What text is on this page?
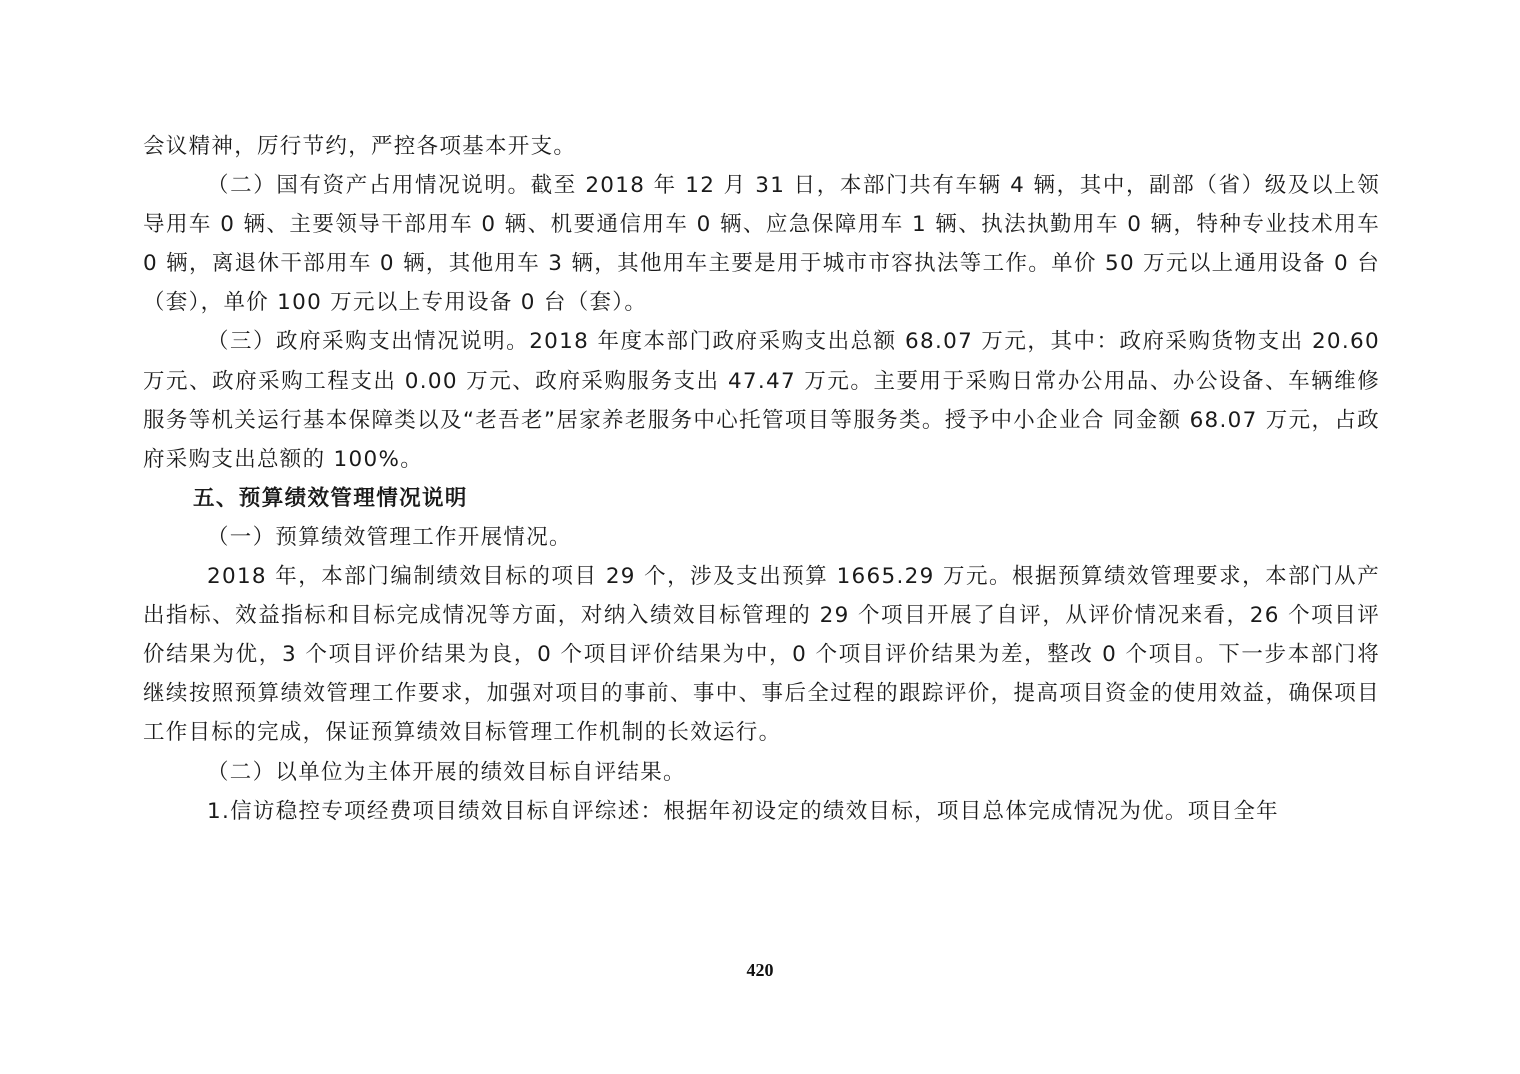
会议精神，厉行节约，严控各项基本开支。

（二）国有资产占用情况说明。截至 2018 年 12 月 31 日，本部门共有车辆 4 辆，其中，副部（省）级及以上领导用车 0 辆、主要领导干部用车 0 辆、机要通信用车 0 辆、应急保障用车 1 辆、执法执勤用车 0 辆，特种专业技术用车 0 辆，离退休干部用车 0 辆，其他用车 3 辆，其他用车主要是用于城市市容执法等工作。单价 50 万元以上通用设备 0 台（套），单价 100 万元以上专用设备 0 台（套）。

（三）政府采购支出情况说明。2018 年度本部门政府采购支出总额 68.07 万元，其中：政府采购货物支出 20.60 万元、政府采购工程支出 0.00 万元、政府采购服务支出 47.47 万元。主要用于采购日常办公用品、办公设备、车辆维修服务等机关运行基本保障类以及“老吾老”居家养老服务中心托管项目等服务类。授予中小企业合 同金额 68.07 万元，占政府采购支出总额的 100%。

五、预算绩效管理情况说明

（一）预算绩效管理工作开展情况。

2018 年，本部门编制绩效目标的项目 29 个，涉及支出预算 1665.29 万元。根据预算绩效管理要求，本部门从产出指标、效益指标和目标完成情况等方面，对纳入绩效目标管理的 29 个项目开展了自评，从评价情况来看，26 个项目评价结果为优，3 个项目评价结果为良，0 个项目评价结果为中，0 个项目评价结果为差，整改 0 个项目。下一步本部门将继续按照预算绩效管理工作要求，加强对项目的事前、事中、事后全过程的跟踪评价，提高项目资金的使用效益，确保项目工作目标的完成，保证预算绩效目标管理工作机制的长效运行。

（二）以单位为主体开展的绩效目标自评结果。

1.信访稳控专项经费项目绩效目标自评综述：根据年初设定的绩效目标，项目总体完成情况为优。项目全年

420
